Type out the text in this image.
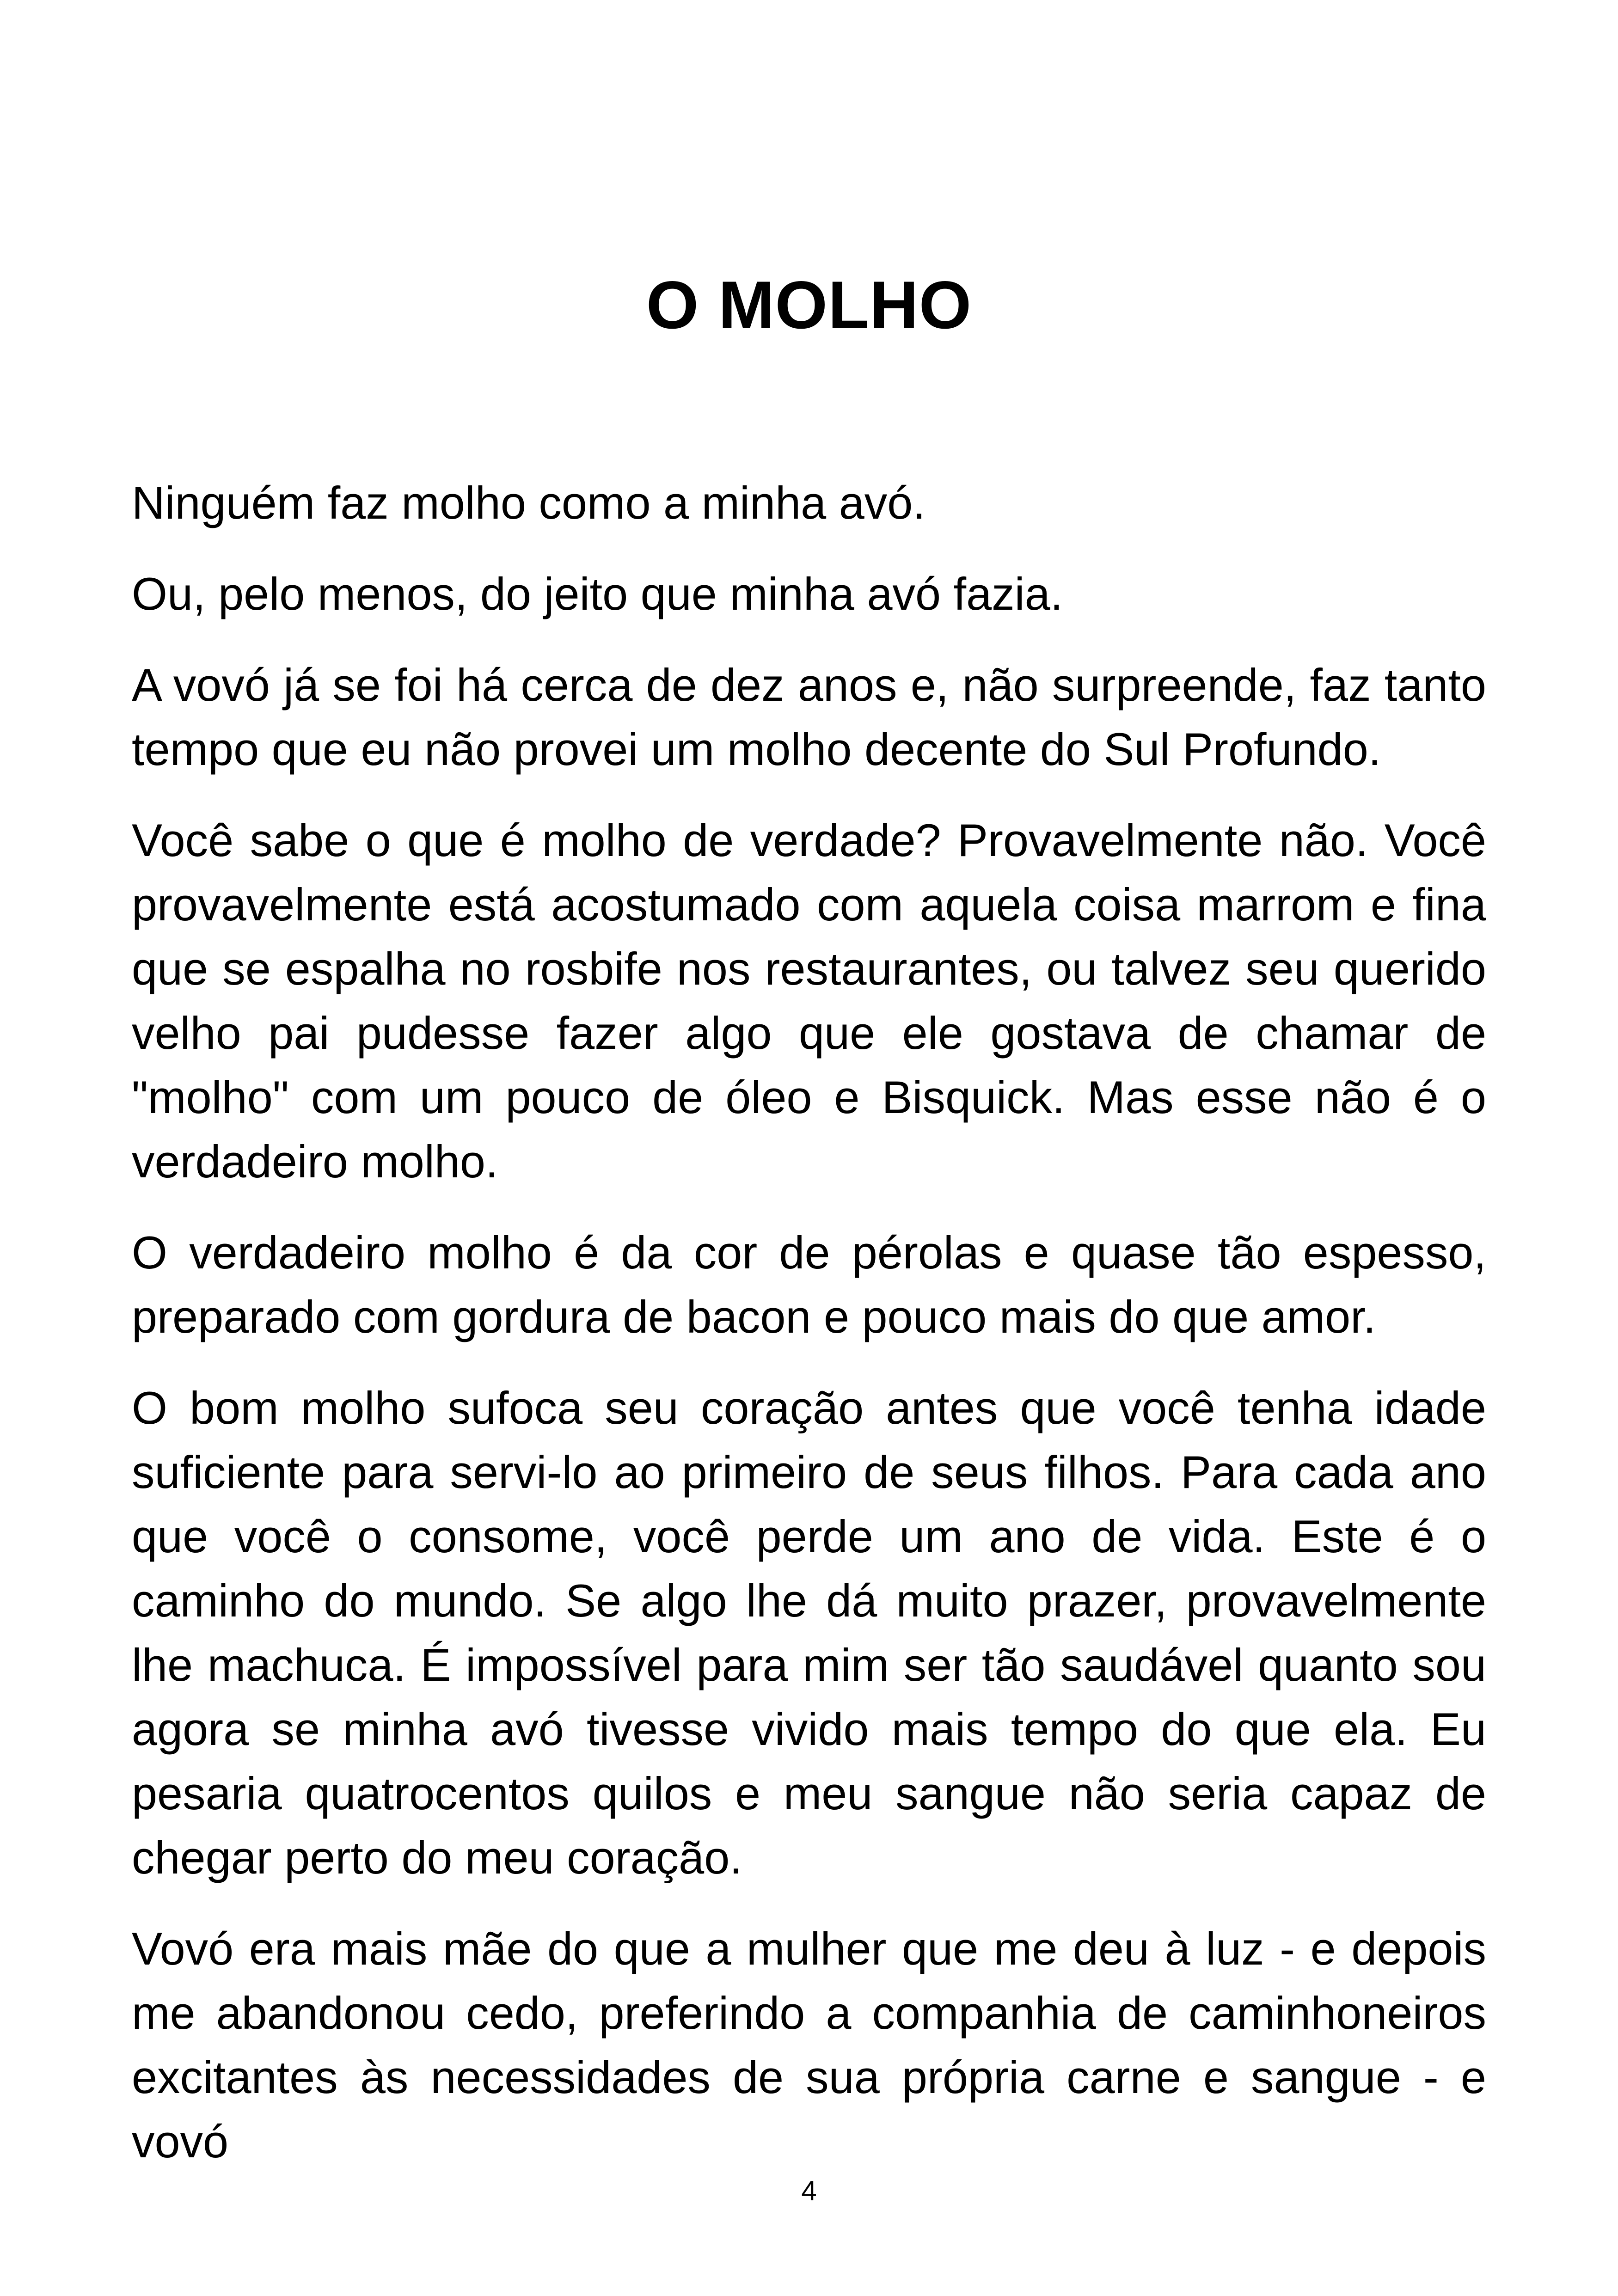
O MOLHO

Ninguém faz molho como a minha avó.

Ou, pelo menos, do jeito que minha avó fazia.

A vovó já se foi há cerca de dez anos e, não surpreende, faz tanto tempo que eu não provei um molho decente do Sul Profundo.

Você sabe o que é molho de verdade? Provavelmente não. Você provavelmente está acostumado com aquela coisa marrom e fina que se espalha no rosbife nos restaurantes, ou talvez seu querido velho pai pudesse fazer algo que ele gostava de chamar de "molho" com um pouco de óleo e Bisquick. Mas esse não é o verdadeiro molho.

O verdadeiro molho é da cor de pérolas e quase tão espesso, preparado com gordura de bacon e pouco mais do que amor.

O bom molho sufoca seu coração antes que você tenha idade suficiente para servi-lo ao primeiro de seus filhos. Para cada ano que você o consome, você perde um ano de vida. Este é o caminho do mundo. Se algo lhe dá muito prazer, provavelmente lhe machuca. É impossível para mim ser tão saudável quanto sou agora se minha avó tivesse vivido mais tempo do que ela. Eu pesaria quatrocentos quilos e meu sangue não seria capaz de chegar perto do meu coração.

Vovó era mais mãe do que a mulher que me deu à luz - e depois me abandonou cedo, preferindo a companhia de caminhoneiros excitantes às necessidades de sua própria carne e sangue - e vovó

4
